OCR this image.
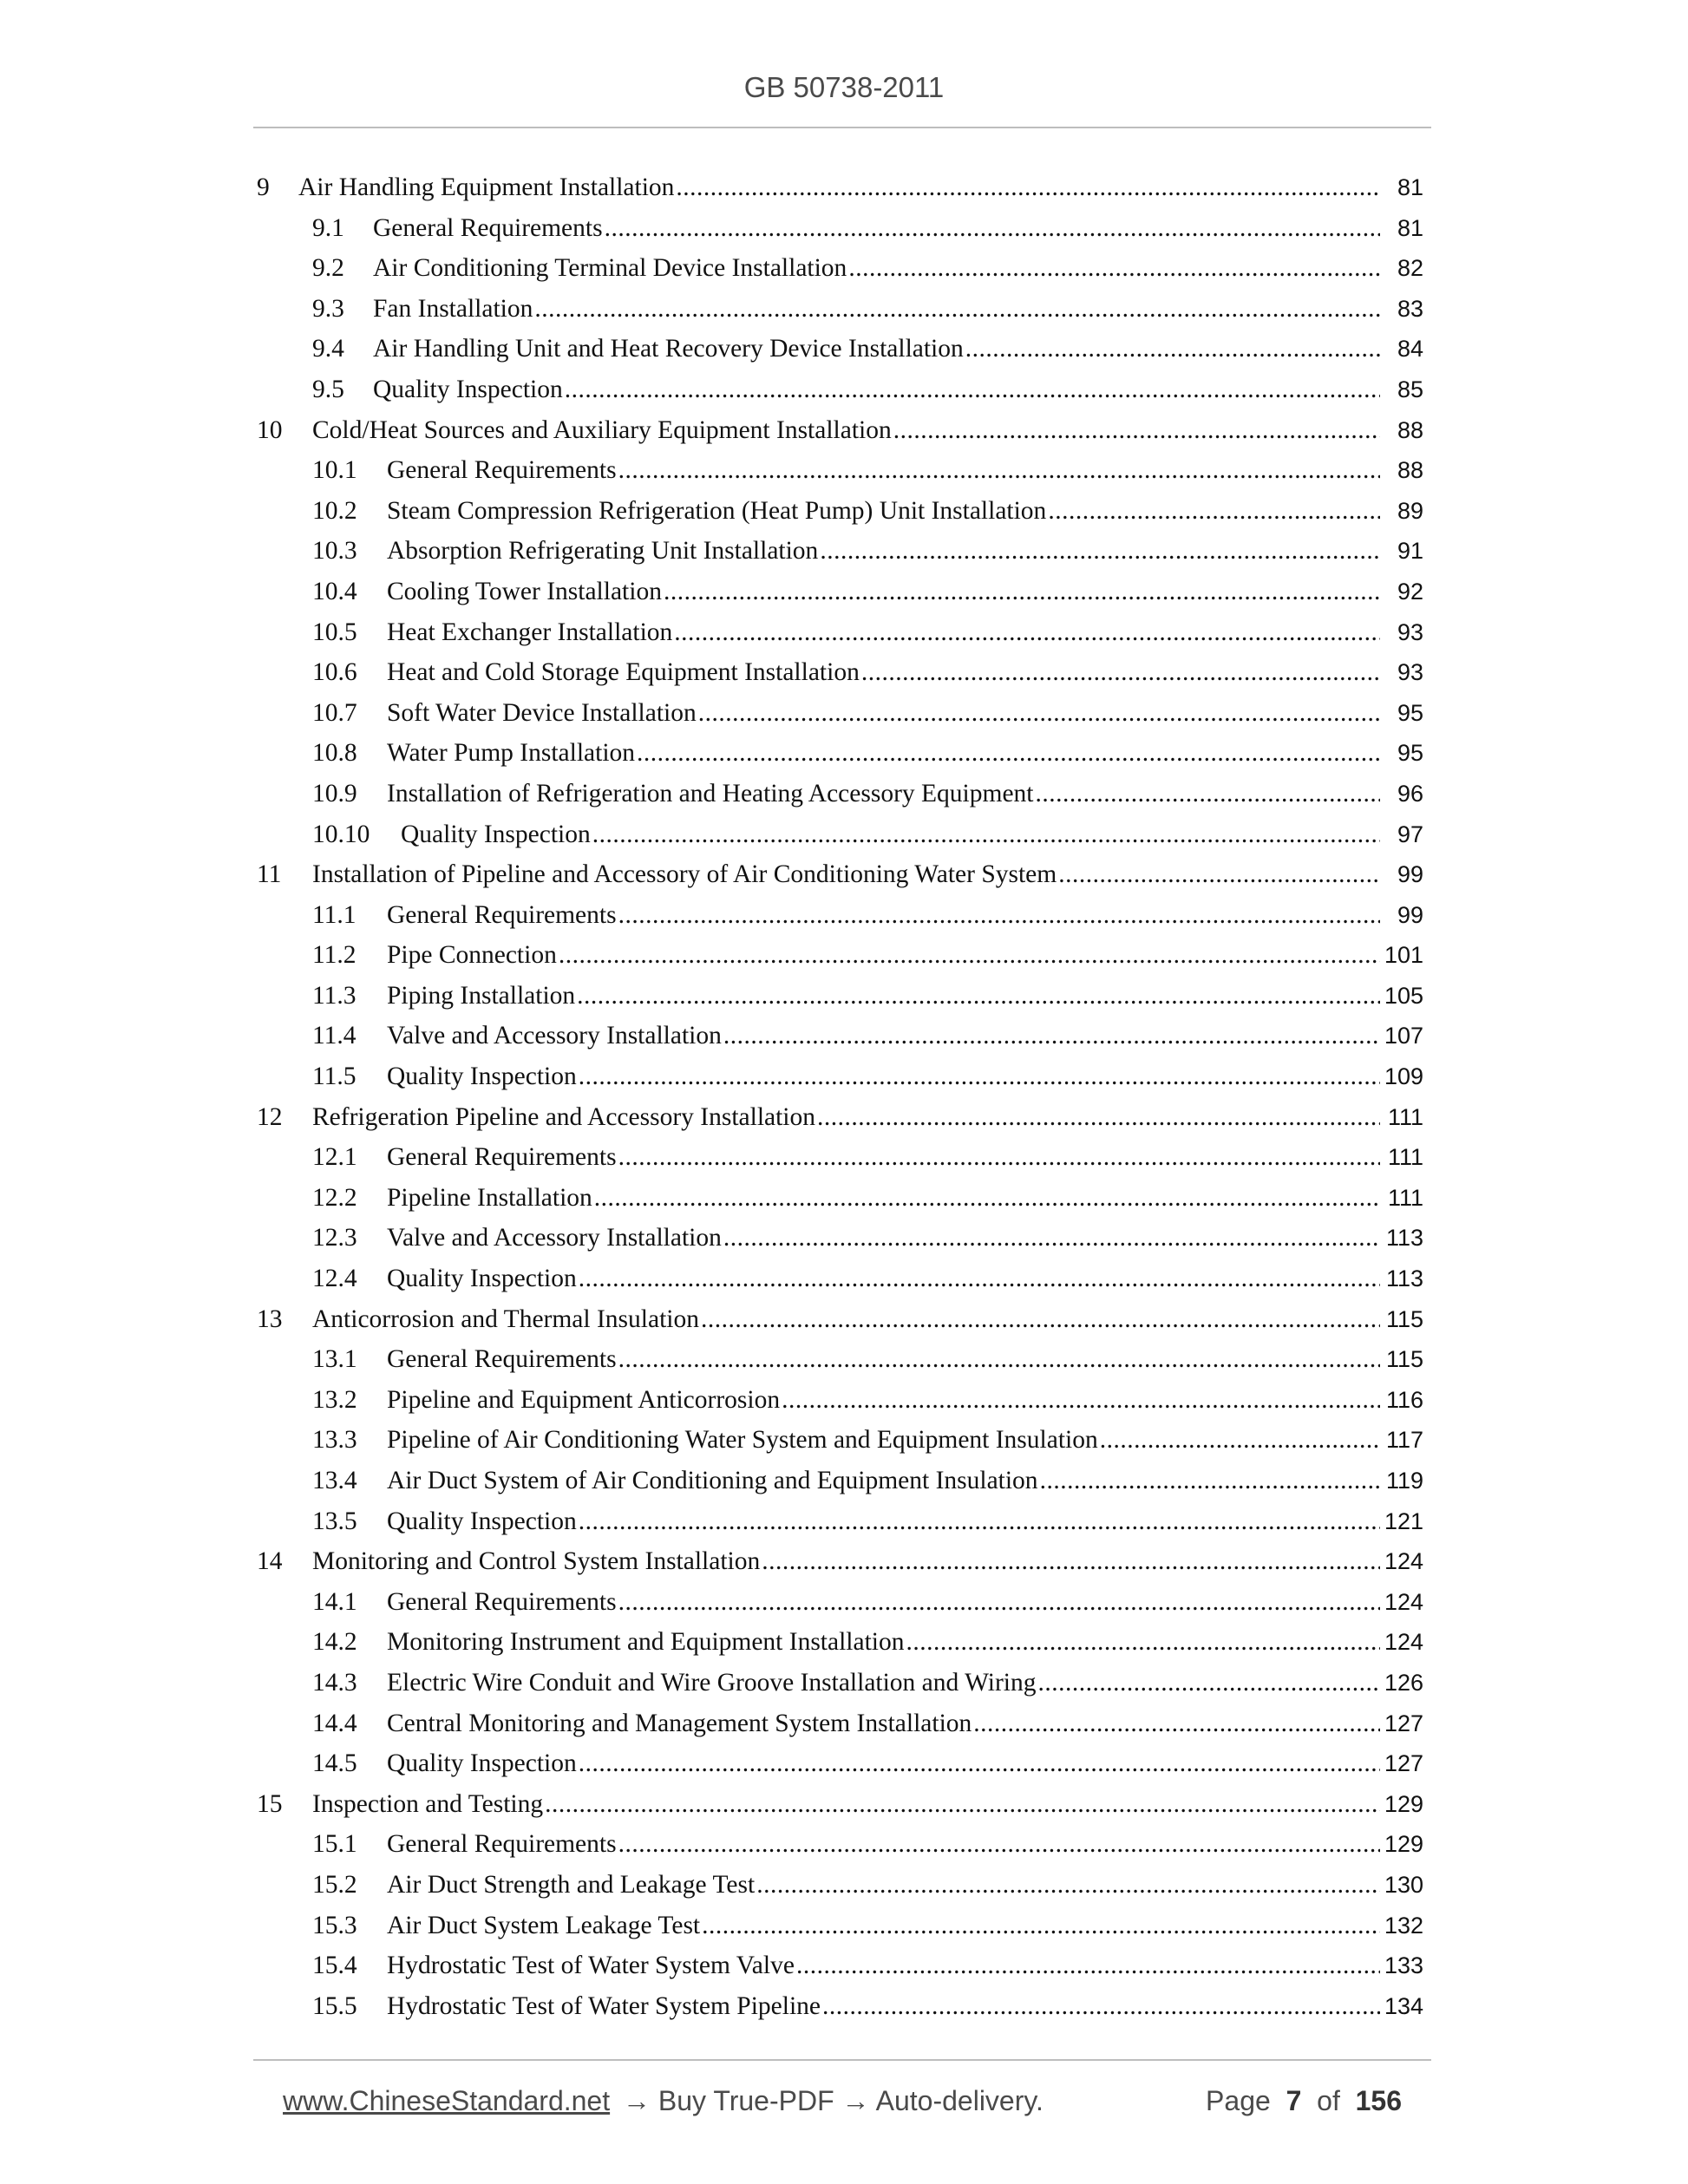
GB 50738-2011
9	Air Handling Equipment Installation .....	81
9.1	General Requirements .....	81
9.2	Air Conditioning Terminal Device Installation .....	82
9.3	Fan Installation .....	83
9.4	Air Handling Unit and Heat Recovery Device Installation .....	84
9.5	Quality Inspection .....	85
10	Cold/Heat Sources and Auxiliary Equipment Installation .....	88
10.1	General Requirements .....	88
10.2	Steam Compression Refrigeration (Heat Pump) Unit Installation .....	89
10.3	Absorption Refrigerating Unit Installation .....	91
10.4	Cooling Tower Installation .....	92
10.5	Heat Exchanger Installation .....	93
10.6	Heat and Cold Storage Equipment Installation .....	93
10.7	Soft Water Device Installation .....	95
10.8	Water Pump Installation .....	95
10.9	Installation of Refrigeration and Heating Accessory Equipment .....	96
10.10	Quality Inspection .....	97
11	Installation of Pipeline and Accessory of Air Conditioning Water System .....	99
11.1	General Requirements .....	99
11.2	Pipe Connection .....	101
11.3	Piping Installation .....	105
11.4	Valve and Accessory Installation .....	107
11.5	Quality Inspection .....	109
12	Refrigeration Pipeline and Accessory Installation .....	111
12.1	General Requirements .....	111
12.2	Pipeline Installation .....	111
12.3	Valve and Accessory Installation .....	113
12.4	Quality Inspection .....	113
13	Anticorrosion and Thermal Insulation .....	115
13.1	General Requirements .....	115
13.2	Pipeline and Equipment Anticorrosion .....	116
13.3	Pipeline of Air Conditioning Water System and Equipment Insulation .....	117
13.4	Air Duct System of Air Conditioning and Equipment Insulation .....	119
13.5	Quality Inspection .....	121
14	Monitoring and Control System Installation .....	124
14.1	General Requirements .....	124
14.2	Monitoring Instrument and Equipment Installation .....	124
14.3	Electric Wire Conduit and Wire Groove Installation and Wiring .....	126
14.4	Central Monitoring and Management System Installation .....	127
14.5	Quality Inspection .....	127
15	Inspection and Testing .....	129
15.1	General Requirements .....	129
15.2	Air Duct Strength and Leakage Test .....	130
15.3	Air Duct System Leakage Test .....	132
15.4	Hydrostatic Test of Water System Valve .....	133
15.5	Hydrostatic Test of Water System Pipeline .....	134
www.ChineseStandard.net → Buy True-PDF → Auto-delivery.	Page 7 of 156
